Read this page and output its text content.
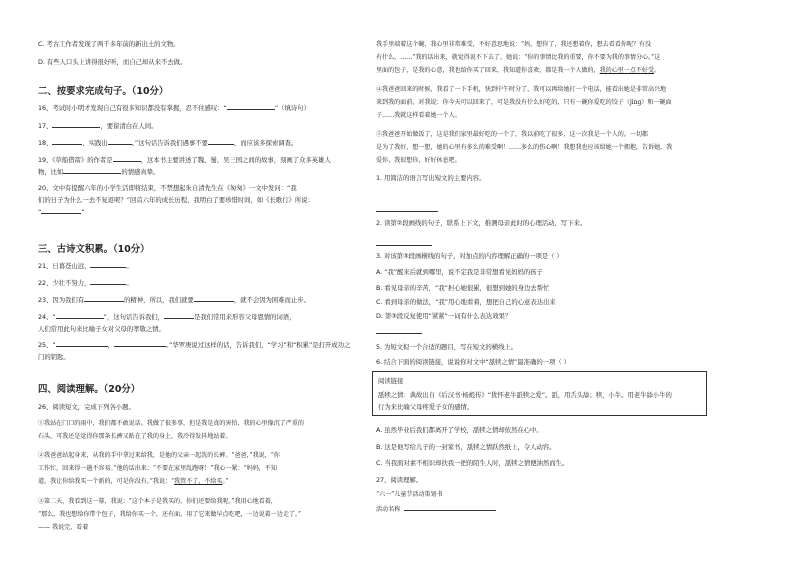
C. 考古工作者发现了两千多年前的新出土的文物。
D. 有些人口头上讲得很好听，而自己却从来不去做。
二、按要求完成句子。（10分）
16、考试时小明才发现自己有很多知识都没有掌握，忍不住感叹：“	”（填诗句）
17、	，要留清白在人间。
18、	，实践出	。”这句话告诉我们遇事不要	，而应该多探索调查。
19、《草船借箭》的作者是	，这本书主要讲述了魏、蜀、吴三国之间的故事，刻画了众多英雄人
物，比如	的情感真挚。
20、文中有提醒六年的小学生活即将结束，不禁想起朱自清先生在《匆匆》一文中发问：“我
们的日子为什么一去不复返呢？”回首六年的成长历程，我明白了要珍惜时间，如《长歌行》所说：
“	”
三、古诗文积累。（10分）
21、日暮苍山远，	。
22、少壮不努力，	。
23、因为我们有	的精神，所以，我们就要	，就不会因为困难而止步。
24、“	”，这句话告诉我们，	是我们常用来形容父母恩情的词语，
人们常用此句来比喻子女对父母的孝敬之情。
25、“	，	。”华罗庚说过这样的话，告诉我们，“学习”和“积累”是打开成功之
门的钥匙。
四、阅读理解。（20分）
26、阅读短文，完成下列各小题。
①我站在门口的雨中，我们都不敢说话。我做了很多事，但是我是真的害怕，我的心里像沉了严重的
石头，可我还是觉得你那条长裤又贴在了我的身上，我冷得发抖地站着。
②我爸爸站起身来，从我的手中拿过来给我，是他的父亲一起洗的长裤。“爸爸，”我说，“你
工作忙，回来得一趟不容易。”他的话出来：“不要在家里乱跑呀！”我心一紧：“妈妈，不知
道，我让你给我买一个新的，可是你没有。”我说：“我管不了，不给买。”
③第二天，我看到这一幕，我说：“这个本子是我买的，你们还要给我呢。”我用心地看着，
“那么，我也想给你带个包子，我给你买一个，还有面，用了它来做早点吃吧，一边说着一边走了。”
—— 我说完，看着
我手里端着这个碗，我心里非常难受，不好意思地说：“妈，想你了，我还想着你，想去看看你呢？有没
有什么，……”我的话出来，就觉得说不下去了，她说：“你的事情比我的重要，你不要为我的事情分心。”这
里面的包子，是我的心意，我也给你买了回来，我知道你喜欢，都是我一个人做的，我的心里一点不好受。
④我爸爸回来的时候，我看了一下手机，快到中午时分了，我可以再给她打一个电话，能看出她是非常高兴地
来到我的面前，对我说：你今天可以回来了，可是我没有什么好吃的，只有一碗你爱吃的饺子（jīng）和一碗面
子……我就这样看着她一个人。
⑤我爸爸开始做饭了，这是我们家里最好吃的一个了，我以前吃了很多，这一次我是一个人的。一切都
是为了我好，想一想，她的心里有多么的难受啊！……多么的伤心啊！我想我也应该给她一个拥抱，告诉她，我
爱你，我很想你，好好休息吧。
1. 用简洁的语言写出短文的主要内容。
2. 读第②段画线的句子，联系上下文，推测母亲此时的心理活动，写下来。
3. 对该第③段画横线的句子，对加点的内容理解正确的一项是（ ）
A. “我”醒来后就到哪里，说不定我是非常想看见妈妈的孩子
B. 看见母亲的辛苦，“我”担心她很累，很想到她的身边去帮忙
C. 看到母亲的做法，“我”用心地看着，想把自己的心意表达出来
D. 第③段反复使用“紧紧”一词有什么表达效果？
5. 为短文拟一个合适的题目，写在短文的横线上。
6. 结合下面的阅读链接，说说你对文中“舐犊之情”最准确的一项（ ）
阅读链接
舐犊之情：典故出自《后汉书·杨彪传》“犹怀老牛舐犊之爱”。舐，用舌头舔；犊，小牛。用老牛舔小牛的
行为来比喻父母疼爱子女的感情。
A. 虽然毕业后我们都离开了学校，舐犊之情却依然在心中。
B. 这是他写给儿子的一封家书，舐犊之情跃然纸上，令人动容。
C. 当我面对素不相识却扶我一把的陌生人时，舐犊之情便油然而生。
27、阅读理解。
“六一”儿童节活动策划书
活动名称
